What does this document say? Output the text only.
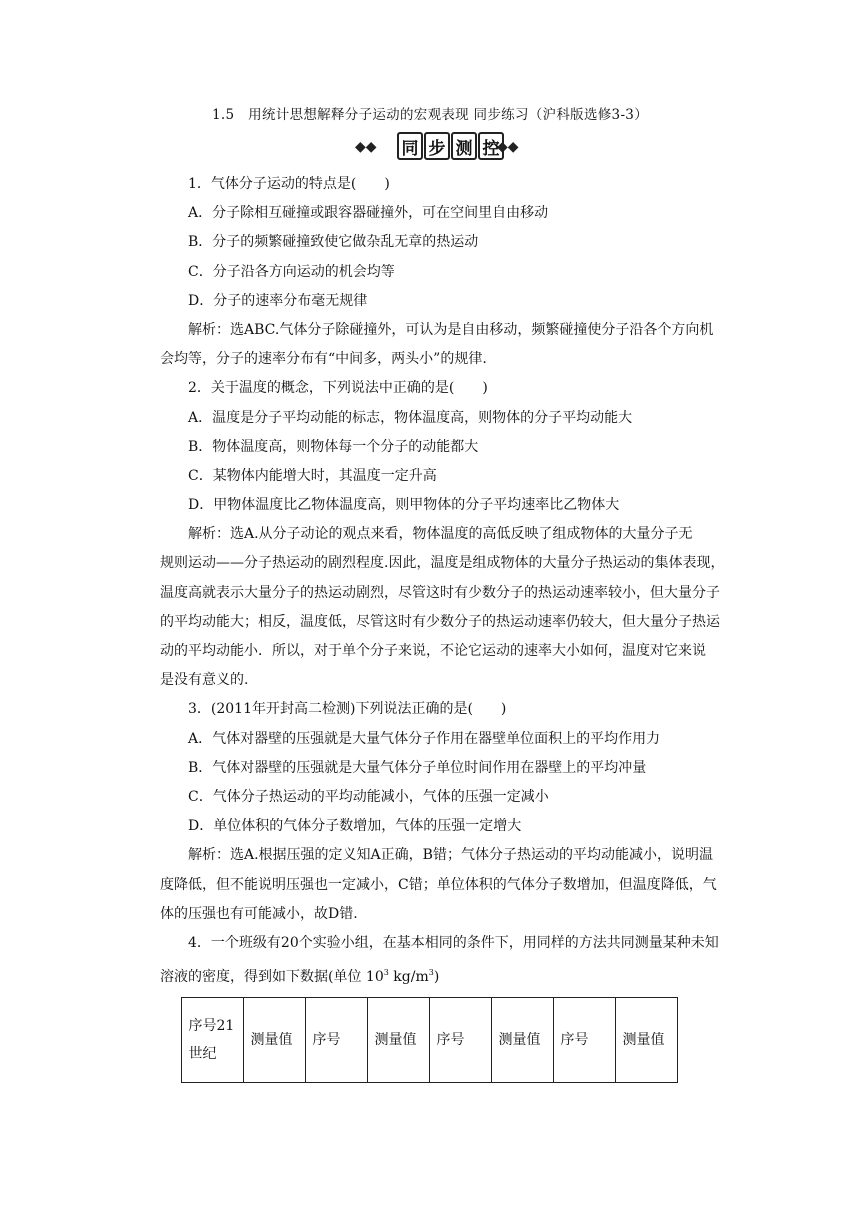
1.5　用统计思想解释分子运动的宏观表现 同步练习（沪科版选修3-3）
◆◆ 同 步 测 控
◆◆
1．气体分子运动的特点是(　　)
A．分子除相互碰撞或跟容器碰撞外，可在空间里自由移动
B．分子的频繁碰撞致使它做杂乱无章的热运动
C．分子沿各方向运动的机会均等
D．分子的速率分布毫无规律
解析：选ABC.气体分子除碰撞外，可认为是自由移动，频繁碰撞使分子沿各个方向机
会均等，分子的速率分布有“中间多，两头小”的规律.
2．关于温度的概念，下列说法中正确的是(　　)
A．温度是分子平均动能的标志，物体温度高，则物体的分子平均动能大
B．物体温度高，则物体每一个分子的动能都大
C．某物体内能增大时，其温度一定升高
D．甲物体温度比乙物体温度高，则甲物体的分子平均速率比乙物体大
解析：选A.从分子动论的观点来看，物体温度的高低反映了组成物体的大量分子无
规则运动——分子热运动的剧烈程度.因此，温度是组成物体的大量分子热运动的集体表现，
温度高就表示大量分子的热运动剧烈，尽管这时有少数分子的热运动速率较小，但大量分子
的平均动能大；相反，温度低，尽管这时有少数分子的热运动速率仍较大，但大量分子热运
动的平均动能小．所以，对于单个分子来说，不论它运动的速率大小如何，温度对它来说
是没有意义的.
3．(2011年开封高二检测)下列说法正确的是(　　)
A．气体对器壁的压强就是大量气体分子作用在器壁单位面积上的平均作用力
B．气体对器壁的压强就是大量气体分子单位时间作用在器壁上的平均冲量
C．气体分子热运动的平均动能减小，气体的压强一定减小
D．单位体积的气体分子数增加，气体的压强一定增大
解析：选A.根据压强的定义知A正确，B错；气体分子热运动的平均动能减小，说明温
度降低，但不能说明压强也一定减小，C错；单位体积的气体分子数增加，但温度降低，气
体的压强也有可能减小，故D错.
4．一个班级有20个实验小组，在基本相同的条件下，用同样的方法共同测量某种未知
溶液的密度，得到如下数据(单位 $10^3$ $kg/m^3$)
序号21世纪	测量值	序号	测量值	序号	测量值	序号	测量值
